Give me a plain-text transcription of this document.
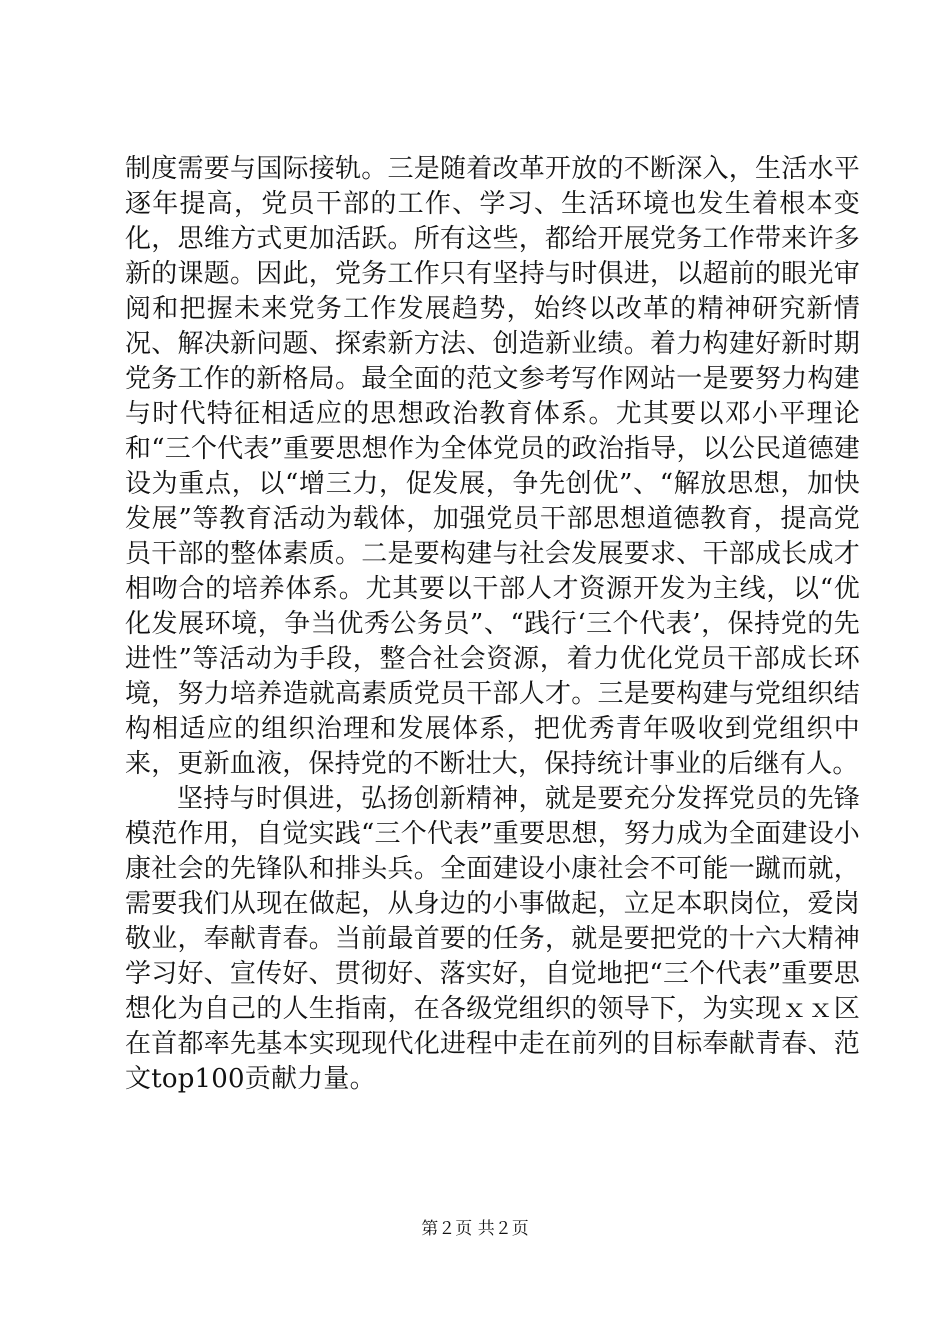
制度需要与国际接轨。三是随着改革开放的不断深入，生活水平逐年提高，党员干部的工作、学习、生活环境也发生着根本变化，思维方式更加活跃。所有这些，都给开展党务工作带来许多新的课题。因此，党务工作只有坚持与时俱进，以超前的眼光审阅和把握未来党务工作发展趋势，始终以改革的精神研究新情况、解决新问题、探索新方法、创造新业绩。着力构建好新时期党务工作的新格局。最全面的范文参考写作网站一是要努力构建与时代特征相适应的思想政治教育体系。尤其要以邓小平理论和“三个代表”重要思想作为全体党员的政治指导，以公民道德建设为重点，以“增三力，促发展，争先创优”、“解放思想，加快发展”等教育活动为载体，加强党员干部思想道德教育，提高党员干部的整体素质。二是要构建与社会发展要求、干部成长成才相吻合的培养体系。尤其要以干部人才资源开发为主线，以“优化发展环境，争当优秀公务员”、“践行‘三个代表’，保持党的先进性”等活动为手段，整合社会资源，着力优化党员干部成长环境，努力培养造就高素质党员干部人才。三是要构建与党组织结构相适应的组织治理和发展体系，把优秀青年吸收到党组织中来，更新血液，保持党的不断壮大，保持统计事业的后继有人。

坚持与时俱进，弘扬创新精神，就是要充分发挥党员的先锋模范作用，自觉实践“三个代表”重要思想，努力成为全面建设小康社会的先锋队和排头兵。全面建设小康社会不可能一蹴而就，需要我们从现在做起，从身边的小事做起，立足本职岗位，爱岗敬业，奉献青春。当前最首要的任务，就是要把党的十六大精神学习好、宣传好、贯彻好、落实好，自觉地把“三个代表”重要思想化为自己的人生指南，在各级党组织的领导下，为实现ｘｘ区在首都率先基本实现现代化进程中走在前列的目标奉献青春、范文top100贡献力量。

第２页 共２页
